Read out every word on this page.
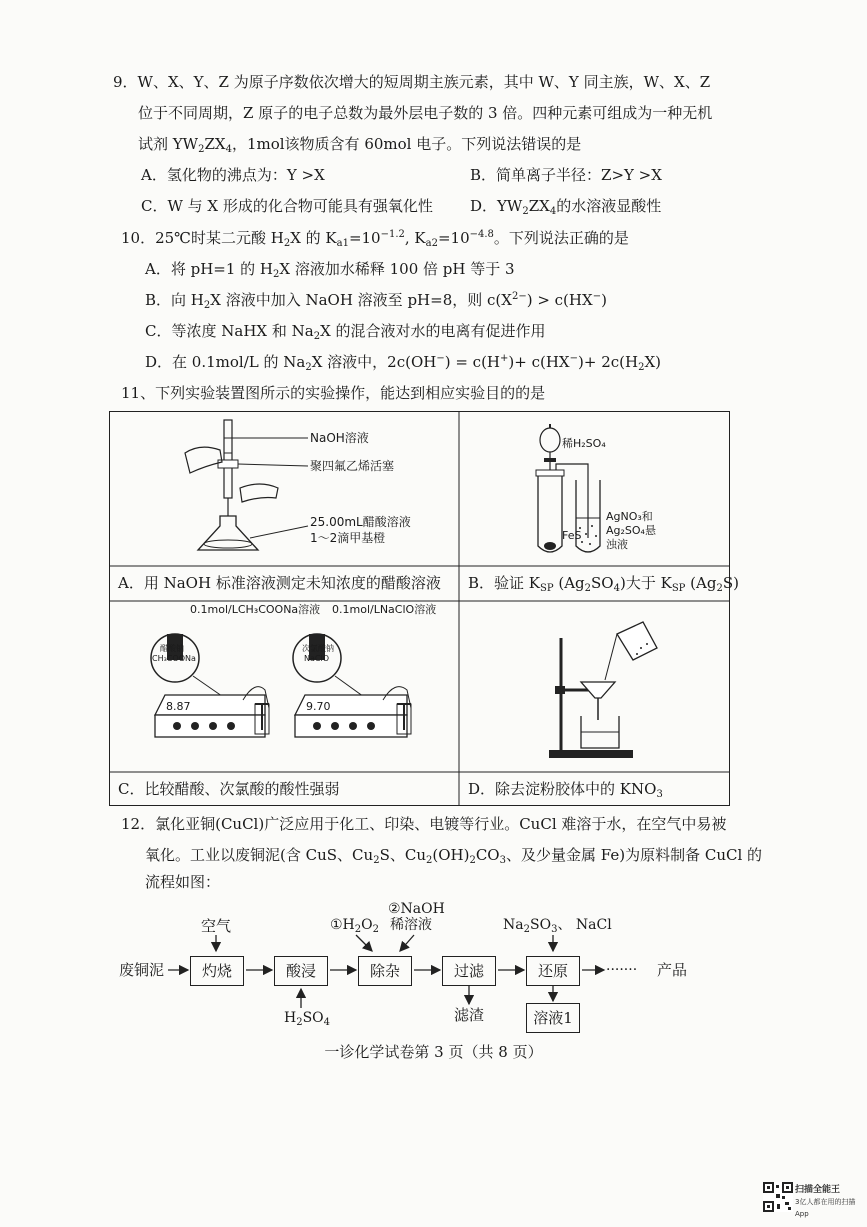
9．W、X、Y、Z 为原子序数依次增大的短周期主族元素，其中 W、Y 同主族，W、X、Z
位于不同周期，Z 原子的电子总数为最外层电子数的 3 倍。四种元素可组成为一种无机
试剂 $YW_2ZX_4$，1mol该物质含有 60mol 电子。下列说法错误的是
A．氢化物的沸点为：Y >X	B．简单离子半径：Z>Y >X
C．W 与 X 形成的化合物可能具有强氧化性 D．$YW_2ZX_4$的水溶液显酸性
10．25℃时某二元酸 $H_2X$ 的 $K_{a1}=10^{-1.2}$, $K_{a2}=10^{-4.8}$。下列说法正确的是
A．将 pH=1 的 $H_2X$ 溶液加水稀释 100 倍 pH 等于 3
B．向 $H_2X$ 溶液中加入 NaOH 溶液至 pH=8，则 $c(X^{2-}) > c(HX^-)$
C．等浓度 NaHX 和 $Na_2X$ 的混合液对水的电离有促进作用
D．在 0.1mol/L 的 $Na_2X$ 溶液中，$2c(OH^-) = c(H^+)+ c(HX^-)+ 2c(H_2X)$
11、下列实验装置图所示的实验操作，能达到相应实验目的的是
NaOH溶液
聚四氟乙烯活塞
25.00mL醋酸溶液
1～2滴甲基橙
稀H₂SO₄
FeS
AgNO₃和
Ag₂SO₄悬
浊液
A．用 NaOH 标准溶液测定未知浓度的醋酸溶液 B．验证 $K_{SP}$ $(Ag_2SO_4)$大于 $K_{SP}$ $(Ag_2S)$
0.1mol/LCH₃COONa溶液
醋酸钠
CH₃COONa
8.87
0.1mol/LNaClO溶液
次氯酸钠
NaClO
9.70
C．比较醋酸、次氯酸的酸性强弱	D．除去淀粉胶体中的 $KNO_3$
12．氯化亚铜(CuCl)广泛应用于化工、印染、电镀等行业。CuCl 难溶于水，在空气中易被
氧化。工业以废铜泥(含 CuS、$Cu_2S$、$Cu_2(OH)_2CO_3$、及少量金属 Fe)为原料制备 CuCl 的
流程如图：
废铜泥
空气
灼烧	酸浸
$H_2SO_4$
$①H_2O_2$
②NaOH
稀溶液
除杂	过滤
滤渣
$Na_2SO_3$、 NaCl
还原	······· 产品
溶液1
一诊化学试卷第 3 页（共 8 页）
扫描全能王
3亿人都在用的扫描App
